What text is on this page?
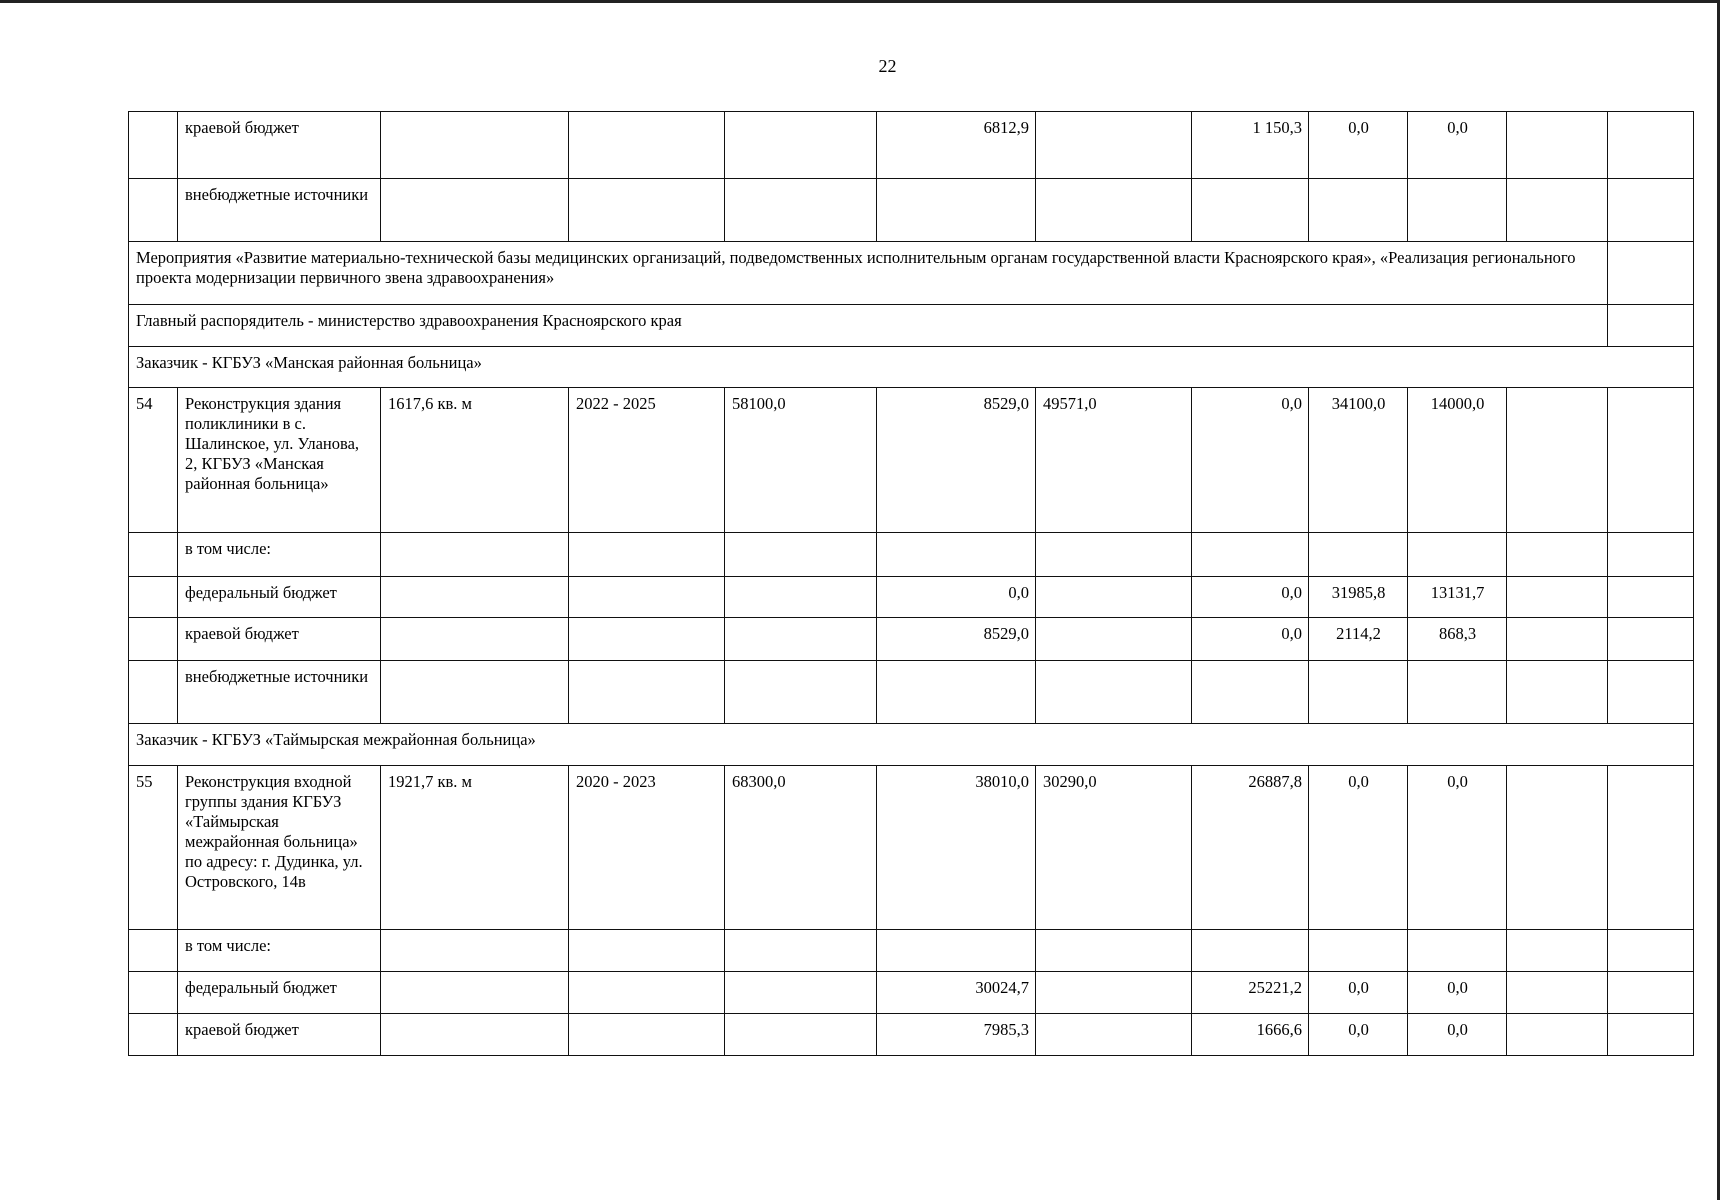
22
	краевой бюджет				6812,9		1 150,3	0,0	0,0		
	внебюджетные источники										
Мероприятия «Развитие материально-технической базы медицинских организаций, подведомственных исполнительным органам государственной власти Красноярского края», «Реализация регионального проекта модернизации первичного звена здравоохранения»											
Главный распорядитель - министерство здравоохранения Красноярского края											
Заказчик - КГБУЗ «Манская районная больница»											
54	Реконструкция здания поликлиники в с. Шалинское, ул. Уланова, 2, КГБУЗ «Манская районная больница»	1617,6 кв. м	2022 - 2025	58100,0	8529,0	49571,0	0,0	34100,0	14000,0		
	в том числе:										
	федеральный бюджет				0,0		0,0	31985,8	13131,7		
	краевой бюджет				8529,0		0,0	2114,2	868,3		
	внебюджетные источники										
Заказчик - КГБУЗ «Таймырская межрайонная больница»											
55	Реконструкция входной группы здания КГБУЗ «Таймырская межрайонная больница» по адресу: г. Дудинка, ул. Островского, 14в	1921,7 кв. м	2020 - 2023	68300,0	38010,0	30290,0	26887,8	0,0	0,0		
	в том числе:										
	федеральный бюджет				30024,7		25221,2	0,0	0,0		
	краевой бюджет				7985,3		1666,6	0,0	0,0		
